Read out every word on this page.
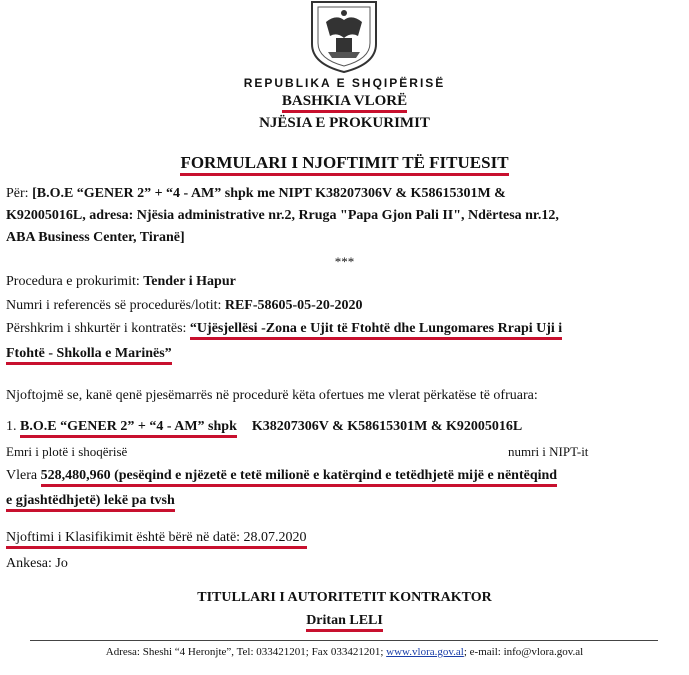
REPUBLIKA E SHQIPËRISË
BASHKIA VLORË
NJËSIA E PROKURIMIT
FORMULARI I NJOFTIMIT TË FITUESIT
Për: [B.O.E “GENER 2” + “4 - AM” shpk me NIPT K38207306V & K58615301M &
K92005016L, adresa: Njësia administrative nr.2, Rruga "Papa Gjon Pali II", Ndërtesa nr.12,
ABA Business Center, Tiranë]
***
Procedura e prokurimit: Tender i Hapur
Numri i referencës së procedurës/lotit: REF-58605-05-20-2020
Përshkrim i shkurtër i kontratës: “Ujësjellësi -Zona e Ujit të Ftohtë dhe Lungomares Rrapi Uji i
Ftohtë - Shkolla e Marinës”
Njoftojmë se, kanë qenë pjesëmarrës në procedurë këta ofertues me vlerat përkatëse të ofruara:
1. B.O.E “GENER 2” + “4 - AM” shpk K38207306V & K58615301M & K92005016L
Emri i plotë i shoqërisë	numri i NIPT-it
Vlera 528,480,960 (pesëqind e njëzetë e tetë milionë e katërqind e tetëdhjetë mijë e nëntëqind
e gjashtëdhjetë) lekë pa tvsh
Njoftimi i Klasifikimit është bërë në datë: 28.07.2020
Ankesa: Jo
TITULLARI I AUTORITETIT KONTRAKTOR
Dritan LELI
Adresa: Sheshi “4 Heronjte”, Tel: 033421201; Fax 033421201; www.vlora.gov.al; e-mail: info@vlora.gov.al
